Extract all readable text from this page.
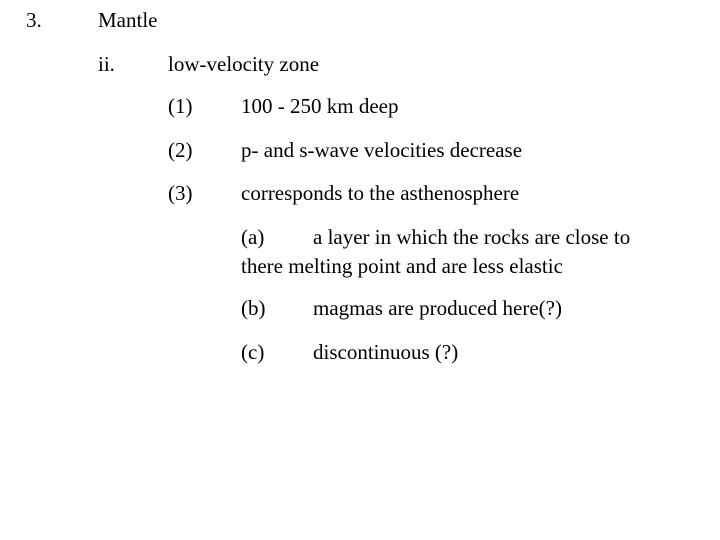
3.	Mantle
ii.	low-velocity zone
(1) 100 - 250 km deep
(2) p- and s-wave velocities decrease
(3) corresponds to the asthenosphere
(a) a layer in which the rocks are close to
there melting point and are less elastic
(b) magmas are produced here(?)
(c) discontinuous (?)
